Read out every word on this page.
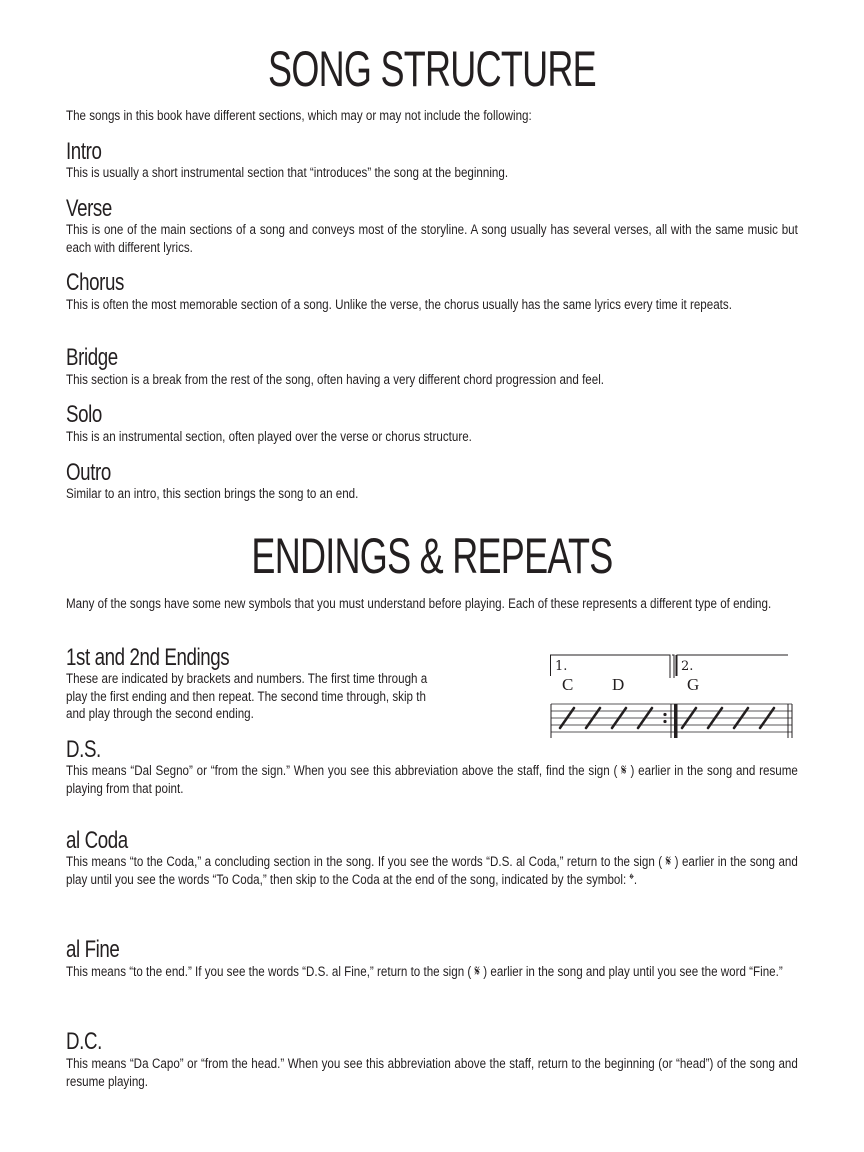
SONG STRUCTURE

The songs in this book have different sections, which may or may not include the following:

Intro

This is usually a short instrumental section that “introduces” the song at the beginning.

Verse

This is one of the main sections of a song and conveys most of the storyline. A song usually has several verses, all with the same music but each with different lyrics.

Chorus

This is often the most memorable section of a song. Unlike the verse, the chorus usually has the same lyrics every time it repeats.

Bridge

This section is a break from the rest of the song, often having a very different chord progression and feel.

Solo

This is an instrumental section, often played over the verse or chorus structure.

Outro

Similar to an intro, this section brings the song to an end.

ENDINGS & REPEATS

Many of the songs have some new symbols that you must understand before playing. Each of these represents a different type of ending.

1st and 2nd Endings
These are indicated by brackets and numbers. The first time through a
play the first ending and then repeat. The second time through, skip th
and play through the second ending.
1.	2.
C D	G
D.S.

This means “Dal Segno” or “from the sign.” When you see this abbreviation above the staff, find the sign ( 𝄋 ) earlier in the song and resume playing from that point.

al Coda

This means “to the Coda,” a concluding section in the song. If you see the words “D.S. al Coda,” return to the sign ( 𝄋 ) earlier in the song and play until you see the words “To Coda,” then skip to the Coda at the end of the song, indicated by the symbol: 𝄌.

al Fine

This means “to the end.” If you see the words “D.S. al Fine,” return to the sign ( 𝄋 ) earlier in the song and play until you see the word “Fine.”

D.C.

This means “Da Capo” or “from the head.” When you see this abbreviation above the staff, return to the beginning (or “head”) of the song and resume playing.
